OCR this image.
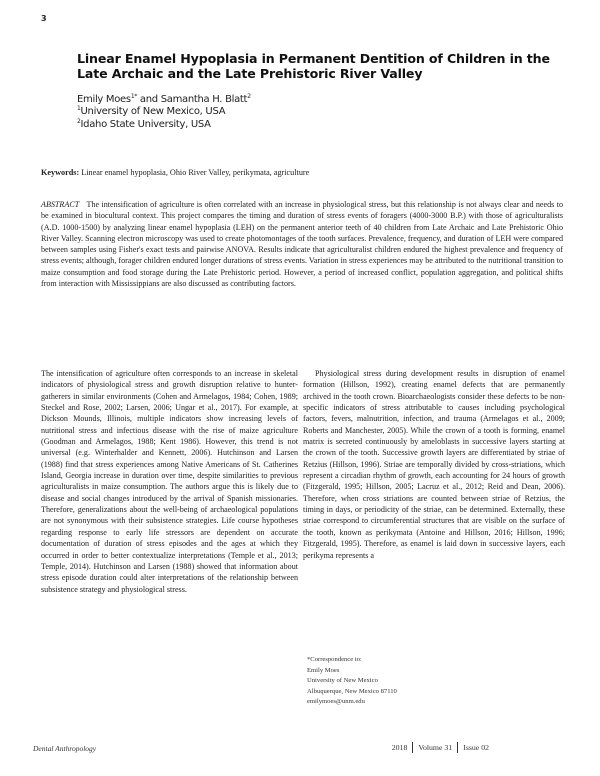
3
Linear Enamel Hypoplasia in Permanent Dentition of Children in the Late Archaic and the Late Prehistoric River Valley
Emily Moes$^{1*}$ and Samantha H. Blatt$^2$
$^1$University of New Mexico, USA
$^2$Idaho State University, USA
Keywords: Linear enamel hypoplasia, Ohio River Valley, perikymata, agriculture
ABSTRACT The intensification of agriculture is often correlated with an increase in physiological stress, but this relationship is not always clear and needs to be examined in biocultural context. This project compares the timing and duration of stress events of foragers (4000-3000 B.P.) with those of agriculturalists (A.D. 1000-1500) by analyzing linear enamel hypoplasia (LEH) on the permanent anterior teeth of 40 children from Late Archaic and Late Prehistoric Ohio River Valley. Scanning electron microscopy was used to create photomontages of the tooth surfaces. Prevalence, frequency, and duration of LEH were compared between samples using Fisher's exact tests and pairwise ANOVA. Results indicate that agriculturalist children endured the highest prevalence and frequency of stress events; although, forager children endured longer durations of stress events. Variation in stress experiences may be attributed to the nutritional transition to maize consumption and food storage during the Late Prehistoric period. However, a period of increased conflict, population aggregation, and political shifts from interaction with Mississippians are also discussed as contributing factors.
The intensification of agriculture often corresponds to an increase in skeletal indicators of physiological stress and growth disruption relative to hunter-gatherers in similar environments (Cohen and Armelagos, 1984; Cohen, 1989; Steckel and Rose, 2002; Larsen, 2006; Ungar et al., 2017). For example, at Dickson Mounds, Illinois, multiple indicators show increasing levels of nutritional stress and infectious disease with the rise of maize agriculture (Goodman and Armelagos, 1988; Kent 1986). However, this trend is not universal (e.g. Winterhalder and Kennett, 2006). Hutchinson and Larsen (1988) find that stress experiences among Native Americans of St. Catherines Island, Georgia increase in duration over time, despite similarities to previous agriculturalists in maize consumption. The authors argue this is likely due to disease and social changes introduced by the arrival of Spanish missionaries. Therefore, generalizations about the well-being of archaeological populations are not synonymous with their subsistence strategies. Life course hypotheses regarding response to early life stressors are dependent on accurate documentation of duration of stress episodes and the ages at which they occurred in order to better contextualize interpretations (Temple et al., 2013; Temple, 2014). Hutchinson and Larsen (1988) showed that information about stress episode duration could alter interpretations of the relationship between subsistence strategy and physiological stress.
Physiological stress during development results in disruption of enamel formation (Hillson, 1992), creating enamel defects that are permanently archived in the tooth crown. Bioarchaeologists consider these defects to be non-specific indicators of stress attributable to causes including psychological factors, fevers, malnutrition, infection, and trauma (Armelagos et al., 2009; Roberts and Manchester, 2005). While the crown of a tooth is forming, enamel matrix is secreted continuously by ameloblasts in successive layers starting at the crown of the tooth. Successive growth layers are differentiated by striae of Retzius (Hillson, 1996). Striae are temporally divided by cross-striations, which represent a circadian rhythm of growth, each accounting for 24 hours of growth (Fitzgerald, 1995; Hillson, 2005; Lacruz et al., 2012; Reid and Dean, 2006). Therefore, when cross striations are counted between striae of Retzius, the timing in days, or periodicity of the striae, can be determined. Externally, these striae correspond to circumferential structures that are visible on the surface of the tooth, known as perikymata (Antoine and Hillson, 2016; Hillson, 1996; Fitzgerald, 1995). Therefore, as enamel is laid down in successive layers, each perikyma represents a
*Correspondence to:
Emily Moes
University of New Mexico
Albuquerque, New Mexico 87110
emilymoes@unm.edu
Dental Anthropology	2018 Volume 31 Issue 02
